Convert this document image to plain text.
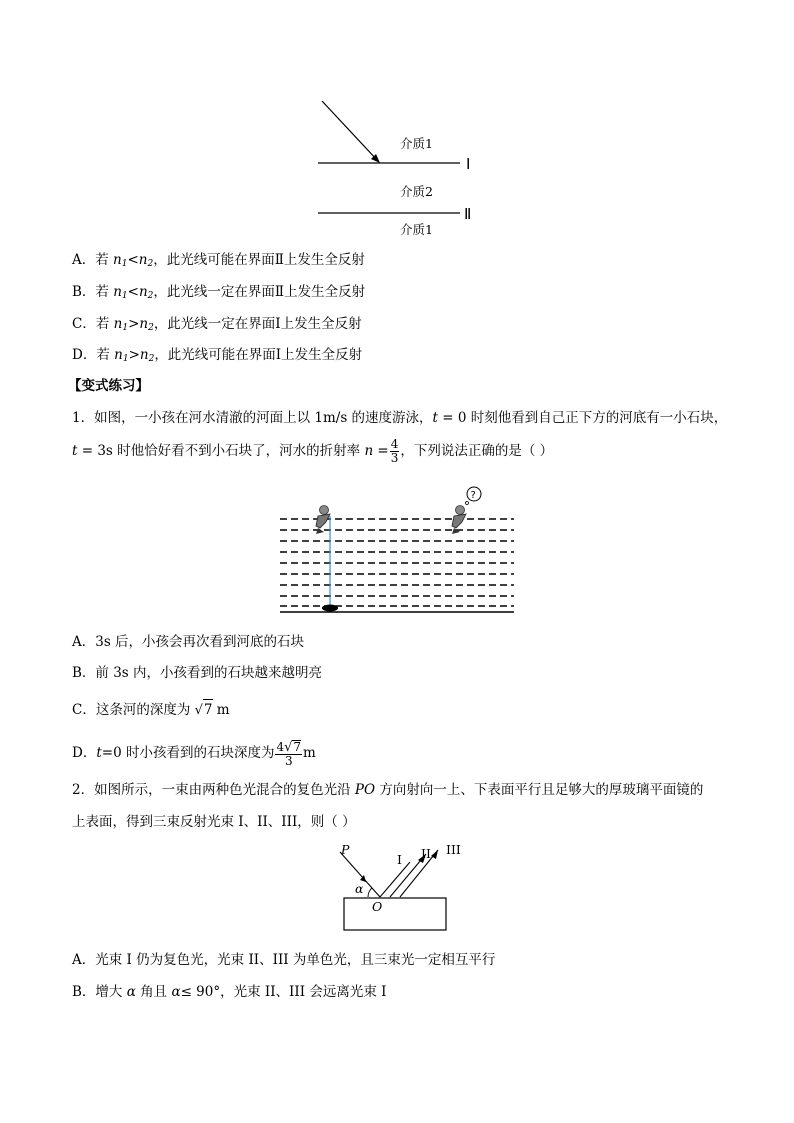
介质1
Ⅰ
介质2
Ⅱ
介质1
A．若 $n_1<n_2$，此光线可能在界面Ⅱ上发生全反射
B．若 $n_1<n_2$，此光线一定在界面Ⅱ上发生全反射
C．若 $n_1>n_2$，此光线一定在界面Ⅰ上发生全反射
D．若 $n_1>n_2$，此光线可能在界面Ⅰ上发生全反射
【变式练习】
1．如图，一小孩在河水清澈的河面上以 1m/s 的速度游泳，t = 0 时刻他看到自己正下方的河底有一小石块，
t = 3s 时他恰好看不到小石块了，河水的折射率 $n = \frac{4}{3}$ ，下列说法正确的是（ ）
?
A．3s 后，小孩会再次看到河底的石块
B．前 3s 内，小孩看到的石块越来越明亮
C．这条河的深度为 √7 m
D．t=0 时小孩看到的石块深度为 $\frac{4√7}{3}$ m
2．如图所示，一束由两种色光混合的复色光沿 PO 方向射向一上、下表面平行且足够大的厚玻璃平面镜的
上表面，得到三束反射光束 I、II、III，则（ ）
P
O
α
I II III
A．光束 I 仍为复色光，光束 II、III 为单色光，且三束光一定相互平行
B．增大 α 角且 α≤ 90°，光束 II、III 会远离光束 I
